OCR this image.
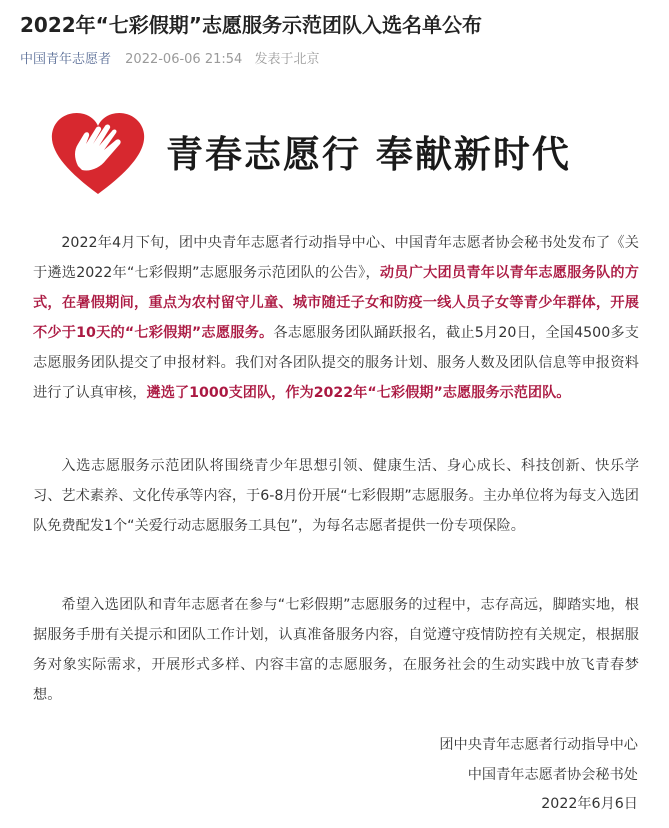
2022年“七彩假期”志愿服务示范团队入选名单公布
中国青年志愿者 2022-06-06 21:54 发表于北京
青春志愿行 奉献新时代

2022年4月下旬，团中央青年志愿者行动指导中心、中国青年志愿者协会秘书处发布了《关于遴选2022年“七彩假期”志愿服务示范团队的公告》，动员广大团员青年以青年志愿服务队的方式，在暑假期间，重点为农村留守儿童、城市随迁子女和防疫一线人员子女等青少年群体，开展不少于10天的“七彩假期”志愿服务。各志愿服务团队踊跃报名，截止5月20日，全国4500多支志愿服务团队提交了申报材料。我们对各团队提交的服务计划、服务人数及团队信息等申报资料进行了认真审核，遴选了1000支团队，作为2022年“七彩假期”志愿服务示范团队。

入选志愿服务示范团队将围绕青少年思想引领、健康生活、身心成长、科技创新、快乐学习、艺术素养、文化传承等内容，于6-8月份开展“七彩假期”志愿服务。主办单位将为每支入选团队免费配发1个“关爱行动志愿服务工具包”，为每名志愿者提供一份专项保险。

希望入选团队和青年志愿者在参与“七彩假期”志愿服务的过程中，志存高远，脚踏实地，根据服务手册有关提示和团队工作计划，认真准备服务内容，自觉遵守疫情防控有关规定，根据服务对象实际需求，开展形式多样、内容丰富的志愿服务，在服务社会的生动实践中放飞青春梦想。

团中央青年志愿者行动指导中心
中国青年志愿者协会秘书处
2022年6月6日
